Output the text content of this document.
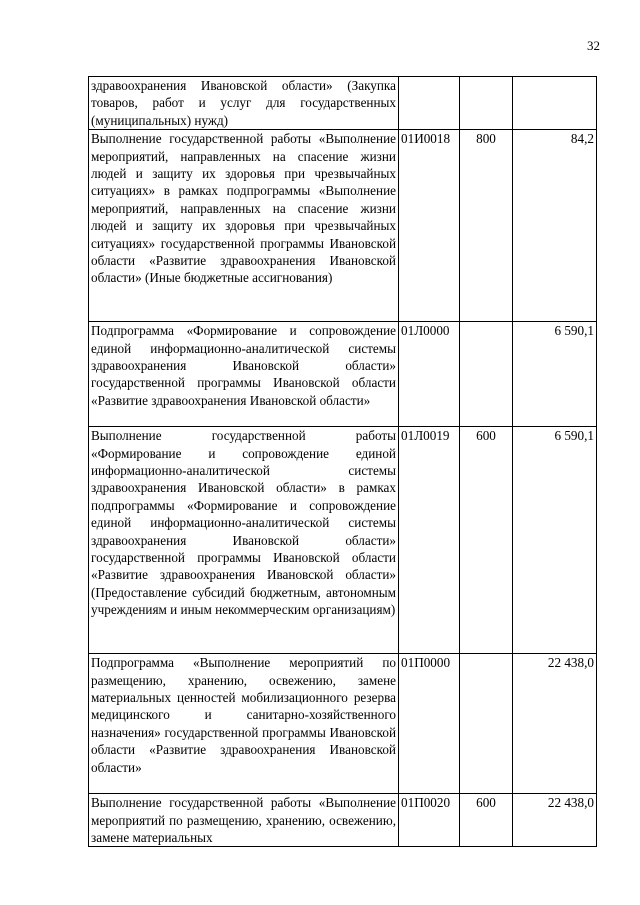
32
здравоохранения Ивановской области» (Закупка товаров, работ и услуг для государственных (муниципальных) нужд)			
Выполнение государственной работы «Выполнение мероприятий, направленных на спасение жизни людей и защиту их здоровья при чрезвычайных ситуациях» в рамках подпрограммы «Выполнение мероприятий, направленных на спасение жизни людей и защиту их здоровья при чрезвычайных ситуациях» государственной программы Ивановской области «Развитие здравоохранения Ивановской области» (Иные бюджетные ассигнования)	01И0018	800	84,2
Подпрограмма «Формирование и сопровождение единой информационно-аналитической системы здравоохранения Ивановской области» государственной программы Ивановской области «Развитие здравоохранения Ивановской области»	01Л0000		6 590,1
Выполнение государственной работы «Формирование и сопровождение единой информационно-аналитической системы здравоохранения Ивановской области» в рамках подпрограммы «Формирование и сопровождение единой информационно-аналитической системы здравоохранения Ивановской области» государственной программы Ивановской области «Развитие здравоохранения Ивановской области» (Предоставление субсидий бюджетным, автономным учреждениям и иным некоммерческим организациям)	01Л0019	600	6 590,1
Подпрограмма «Выполнение мероприятий по размещению, хранению, освежению, замене материальных ценностей мобилизационного резерва медицинского и санитарно-хозяйственного назначения» государственной программы Ивановской области «Развитие здравоохранения Ивановской области»	01П0000		22 438,0
Выполнение государственной работы «Выполнение мероприятий по размещению, хранению, освежению, замене материальных	01П0020	600	22 438,0
